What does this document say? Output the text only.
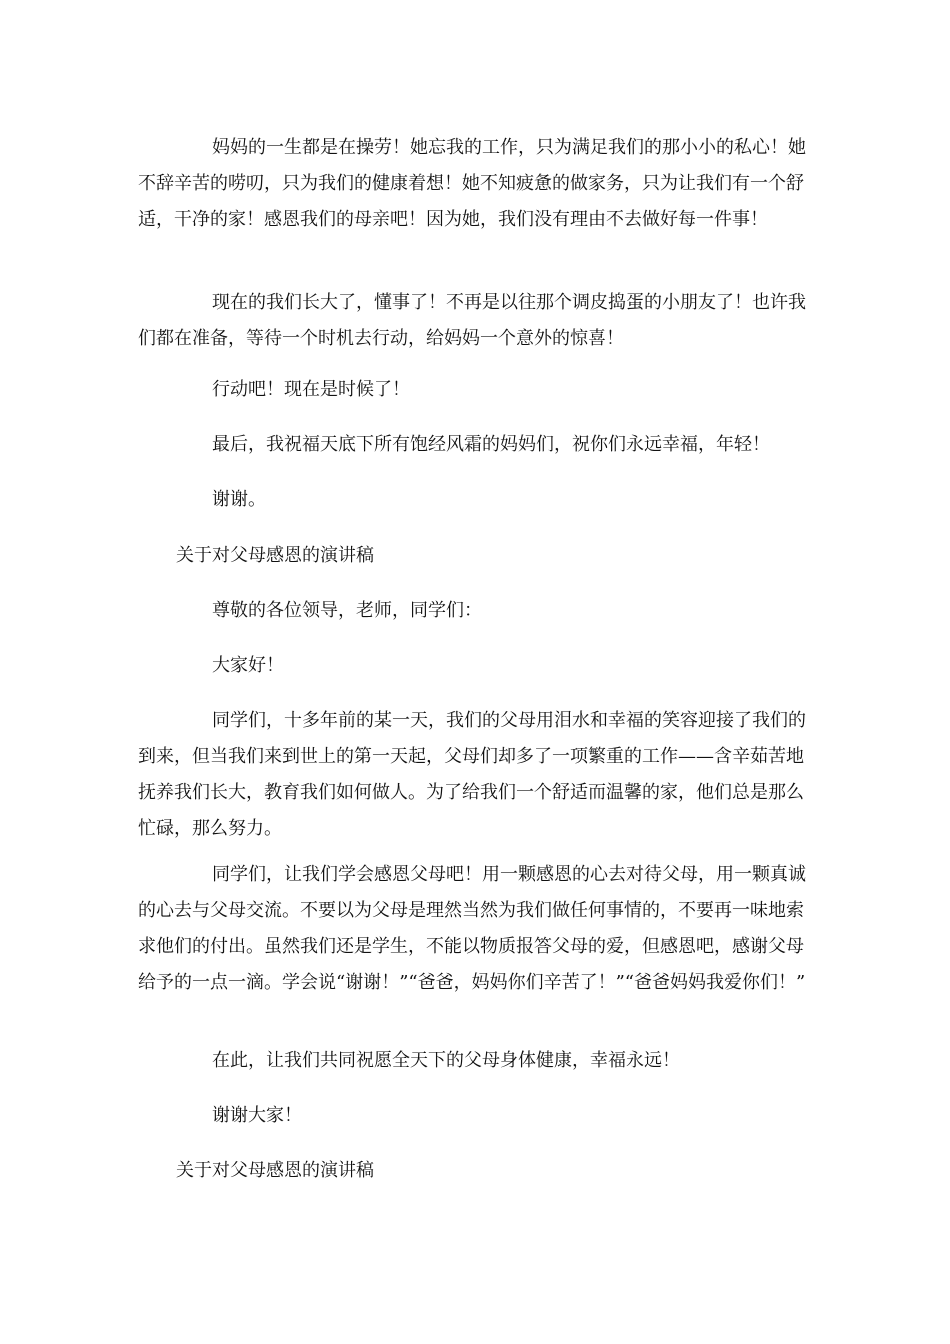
妈妈的一生都是在操劳！她忘我的工作，只为满足我们的那小小的私心！她不辞辛苦的唠叨，只为我们的健康着想！她不知疲惫的做家务，只为让我们有一个舒适，干净的家！感恩我们的母亲吧！因为她，我们没有理由不去做好每一件事！

现在的我们长大了，懂事了！不再是以往那个调皮捣蛋的小朋友了！也许我们都在准备，等待一个时机去行动，给妈妈一个意外的惊喜！

行动吧！现在是时候了！

最后，我祝福天底下所有饱经风霜的妈妈们，祝你们永远幸福，年轻！

谢谢。

关于对父母感恩的演讲稿

尊敬的各位领导，老师，同学们：

大家好！

同学们，十多年前的某一天，我们的父母用泪水和幸福的笑容迎接了我们的到来，但当我们来到世上的第一天起，父母们却多了一项繁重的工作——含辛茹苦地抚养我们长大，教育我们如何做人。为了给我们一个舒适而温馨的家，他们总是那么忙碌，那么努力。

同学们，让我们学会感恩父母吧！用一颗感恩的心去对待父母，用一颗真诚的心去与父母交流。不要以为父母是理然当然为我们做任何事情的，不要再一味地索求他们的付出。虽然我们还是学生，不能以物质报答父母的爱，但感恩吧，感谢父母给予的一点一滴。学会说“谢谢！”“爸爸，妈妈你们辛苦了！”“爸爸妈妈我爱你们！”

在此，让我们共同祝愿全天下的父母身体健康，幸福永远！

谢谢大家！

关于对父母感恩的演讲稿
